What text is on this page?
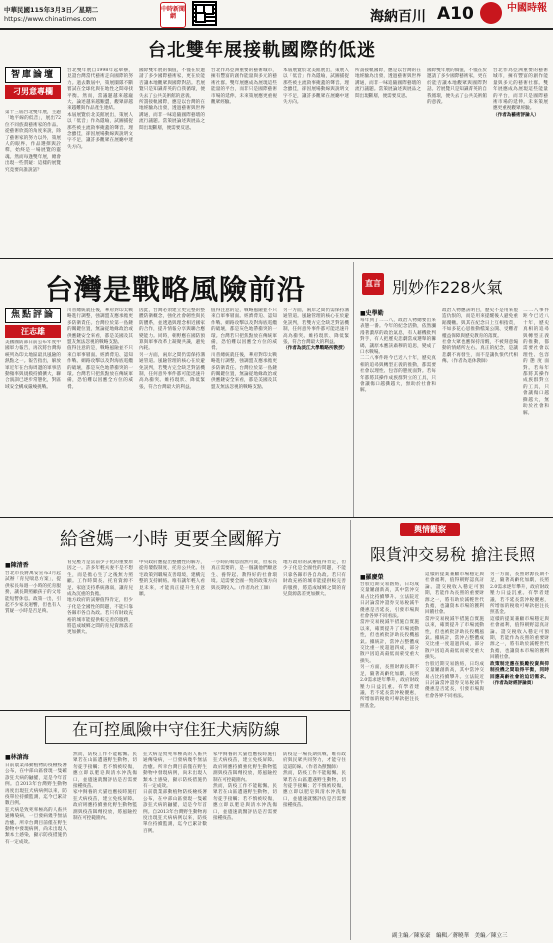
中華民國115年3月3日／星期二
https://www.chinatimes.com
中時新聞網	海納百川 A10	中國時報
台北雙年展接軌國際的低迷
智庫論壇
刁男意專欄

第十三屆台北雙年展，主題「地平線的低音」，展出72位不同族裔藝術家的作品。從藝術欣賞的角度來說，除了藝術家的努力以外，策展人的眼界、作品選擇與詮釋，始終是一場展覽的靈魂。然而每逢雙年展，總會出現一些質疑：這樣的展覽究竟要向誰說話？

台北雙年展自1998年起舉辦，見證台灣當代藝術走向國際的努力。過去數屆中，策展團隊不斷嘗試在全球化與在地性之間尋找平衡。然而，當議題越來越龐大、論述越來越艱澀，觀眾卻越來越難與作品產生連結。

本屆展覽於北美館展出，策展人以「低音」作為隱喻，試圖捕捉那些被主流敘事掩蓋的聲音。理念雖佳，卻因展場動線與說明文字不足，讓許多觀眾在展廳中迷失方向。

國際雙年展的價值，不僅在於邀請了多少國際藝術家，更在於能否讓本地觀眾與國際對話。若展覽只是知識菁英的自我循環，便失去了公共美術館的意義。

所謂接軌國際，應是以台灣的在地經驗為出發，透過藝術與世界溝通，而非一味追隨國際藝壇的流行議題。當策展論述與展品之間出現斷層，便需要反思。

台北作為亞洲重要的藝術城市，擁有豐富的創作能量與多元的藝術社群。雙年展應成為展現這些能量的平台，而非只是國際藝術市場的延伸。未來策展應更重視觀眾經驗。

本屆展覽於北美館展出，策展人以「低音」作為隱喻，試圖捕捉那些被主流敘事掩蓋的聲音。理念雖佳，卻因展場動線與說明文字不足，讓許多觀眾在展廳中迷失方向。

所謂接軌國際，應是以台灣的在地經驗為出發，透過藝術與世界溝通，而非一味追隨國際藝壇的流行議題。當策展論述與展品之間出現斷層，便需要反思。

國際雙年展的價值，不僅在於邀請了多少國際藝術家，更在於能否讓本地觀眾與國際對話。若展覽只是知識菁英的自我循環，便失去了公共美術館的意義。

台北作為亞洲重要的藝術城市，擁有豐富的創作能量與多元的藝術社群。雙年展應成為展現這些能量的平台，而非只是國際藝術市場的延伸。未來策展應更重視觀眾經驗。

（作者為藝術評論人）

台灣是戰略風險前沿
焦點評論
汪志雄

美國國防部日前公布年度中國軍力報告，再次將台灣海峽列為印太地區最具風險的熱點之一。報告指出，解放軍近年在台海周邊的軍事活動頻率與規模持續擴大，聯合演訓已逐步常態化，對區域安全構成嚴峻挑戰。

川普總統就任後，華府對印太戰略進行調整，強調盟友應承擔更多防衛責任。台灣位於第一島鏈的關鍵位置，無論從地緣政治或供應鏈安全來看，都是美國及其盟友無法忽視的戰略支點。

值得注意的是，戰略風險並不只來自軍事層面。經濟脅迫、認知作戰、網路攻擊以及對海底電纜的破壞，都是灰色地帶衝突的一環。台灣若只把焦點放在傳統軍備，恐怕難以因應全方位的威脅。

因此，台灣必須建立更完整的整體防衛概念，強化社會韌性與民防體系，並透過與理念相近國家的合作，提升情報分享與聯合應變能力。同時，朝野應在國防預算與軍事改革上凝聚共識，避免內耗。

另一方面，兩岸之間仍需保持溝通管道。風險管理的核心在於避免誤判，若雙方完全缺乏對話機制，任何意外事件都可能迅速升高為衝突。維持現狀、降低緊張，符合台灣最大的利益。

值得注意的是，戰略風險並不只來自軍事層面。經濟脅迫、認知作戰、網路攻擊以及對海底電纜的破壞，都是灰色地帶衝突的一環。台灣若只把焦點放在傳統軍備，恐怕難以因應全方位的威脅。

川普總統就任後，華府對印太戰略進行調整，強調盟友應承擔更多防衛責任。台灣位於第一島鏈的關鍵位置，無論從地緣政治或供應鏈安全來看，都是美國及其盟友無法忽視的戰略支點。

另一方面，兩岸之間仍需保持溝通管道。風險管理的核心在於避免誤判，若雙方完全缺乏對話機制，任何意外事件都可能迅速升高為衝突。維持現狀、降低緊張，符合台灣最大的利益。

（作者為淡江大學戰略所教授）

直言 別妙作228火氣
■史學勤

每年到了二二八，政治人物總要出來表態一番。今年的紀念活動，依然瀰漫著濃厚的政治氣息，有人藉機批判對手，有人把歷史悲劇當成選舉的籌碼，讓原本應該肅穆的追思，變成了口水戰場。

二二八事件距今已近八十年，歷史真相的追尋與轉型正義的推動，都需要社會以理性、包容的態度面對。若每年都將其操作成族群對立的工具，只會讓傷口越撕越大，無助於社會和解。

政治人物應該明白，歷史不是用來製造仇恨的，而是用來提醒後人避免重蹈覆轍。與其在紀念日上互相指責，不如多花心思推動檔案公開、受難者權益保障與歷史教育的落實。

社會大眾也應保持清醒，不被刻意煽動的情緒所左右。真正的紀念，是讓悲劇不再發生，而不是讓仇恨代代相傳。（作者為退休教師）

二二八事件距今已近八十年，歷史真相的追尋與轉型正義的推動，都需要社會以理性、包容的態度面對。若每年都將其操作成族群對立的工具，只會讓傷口越撕越大，無助於社會和解。

給爸媽一小時 更要全國解方
■陳清香

台北市長蔣萬安宣布3月起試辦「育兒喘息方案」，提供家長每週一小時的托育服務，讓長期照顧孩子的父母能短暫休息。政策一出，引起不少家長迴響，但也有人質疑一小時是否足夠。

育兒壓力是當前少子化的重要原因之一。許多年輕夫妻不是不想生，而是擔心生了之後無力照顧。工作時間長、托育資源不足、家庭支持系統薄弱，讓育兒成為沉重的負擔。

地方政府的試辦值得肯定，但少子化是全國性的問題，不能只靠各縣市各自為政。若只有財政充裕的城市能提供較完善的服務，將造成城鄉之間的育兒資源落差更加擴大。

中央政府應提出整體性的解方，從育嬰假制度、托育公共化、住宅政策到職場友善環境，建構完整的支持網絡。唯有讓年輕人看見未來，才能真正提升生育意願。

一小時的喘息固然可貴，但家長真正需要的，是一個讓他們願意生、養得起、教得好的社會環境。這需要全國一致的政策方向與長期投入。（作者為社工師）

地方政府的試辦值得肯定，但少子化是全國性的問題，不能只靠各縣市各自為政。若只有財政充裕的城市能提供較完善的服務，將造成城鄉之間的育兒資源落差更加擴大。

輿情觀察
限貨沖交易稅 搶注長照
■羅慶榮

台股近期交易熱絡，日均成交量屢創新高，其中當沖交易占比持續攀升。立法院近日討論當沖證券交易稅減半優惠是否延長，引發市場與社會各界不同看法。

當沖交易稅減半措施自實施以來，確實提升了市場流動性，但也被批評助長投機風氣。據統計，當沖占整體成交比重一度超過四成，部分散戶因追高殺低而蒙受重大損失。

另一方面，長照財源長期不足，隨著高齡化加劇，長照2.0需求逐年攀升，政府財政壓力日益沉重。有學者建議，若不延長當沖稅優惠，所增加的稅收可專款挹注長照基金。

這樣的提案兼顧市場穩定與社會福利，值得朝野認真討論。證交稅收入穩定可預期，若能作為長照的重要財源之一，將有助於減輕世代負擔，也讓資本市場的獲利回饋社會。

當沖交易稅減半措施自實施以來，確實提升了市場流動性，但也被批評助長投機風氣。據統計，當沖占整體成交比重一度超過四成，部分散戶因追高殺低而蒙受重大損失。

台股近期交易熱絡，日均成交量屢創新高，其中當沖交易占比持續攀升。立法院近日討論當沖證券交易稅減半優惠是否延長，引發市場與社會各界不同看法。

另一方面，長照財源長期不足，隨著高齡化加劇，長照2.0需求逐年攀升，政府財政壓力日益沉重。有學者建議，若不延長當沖稅優惠，所增加的稅收可專款挹注長照基金。

這樣的提案兼顧市場穩定與社會福利，值得朝野認真討論。證交稅收入穩定可預期，若能作為長照的重要財源之一，將有助於減輕世代負擔，也讓資本市場的獲利回饋社會。

政策制定應在鼓勵投資與抑制投機之間取得平衡，同時回應高齡社會的迫切需求。（作者為財經評論員）

在可控風險中守住狂犬病防線
■林滄海

日前農業部動植物防疫檢疫署公布，在中部山區發現一隻確診狂犬病的鼬獾，這是今年首例。自2013年台灣野生動物再度出現狂犬病病例以來，防疫單位持續監測，迄今已累計數百例。

狂犬病是致死率極高的人畜共通傳染病，一旦發病幾乎無法治癒。所幸台灣目前僅在野生動物中發現病例，尚未出現人類本土感染，顯示防疫措施仍有一定成效。

然而，防疫工作不能鬆懈。民眾若在山區遭遇野生動物，切勿徒手接觸；若不慎被咬傷，應立即以肥皂與清水沖洗傷口，並儘速就醫評估是否需要接種疫苗。

家中飼養的犬貓也應按時施打狂犬病疫苗，建立免疫屏障。政府則應持續強化野生動物監測與疫苗餌劑投放，將風險控制在可控範圍內。

狂犬病是致死率極高的人畜共通傳染病，一旦發病幾乎無法治癒。所幸台灣目前僅在野生動物中發現病例，尚未出現人類本土感染，顯示防疫措施仍有一定成效。

日前農業部動植物防疫檢疫署公布，在中部山區發現一隻確診狂犬病的鼬獾，這是今年首例。自2013年台灣野生動物再度出現狂犬病病例以來，防疫單位持續監測，迄今已累計數百例。

家中飼養的犬貓也應按時施打狂犬病疫苗，建立免疫屏障。政府則應持續強化野生動物監測與疫苗餌劑投放，將風險控制在可控範圍內。

然而，防疫工作不能鬆懈。民眾若在山區遭遇野生動物，切勿徒手接觸；若不慎被咬傷，應立即以肥皂與清水沖洗傷口，並儘速就醫評估是否需要接種疫苗。

防疫是一場長期抗戰，唯有政府與民眾共同努力，才能守住這道防線。（作者為獸醫師）

然而，防疫工作不能鬆懈。民眾若在山區遭遇野生動物，切勿徒手接觸；若不慎被咬傷，應立即以肥皂與清水沖洗傷口，並儘速就醫評估是否需要接種疫苗。

副主編／陳家豪　編輯／蔣曉華　美編／陳立三
